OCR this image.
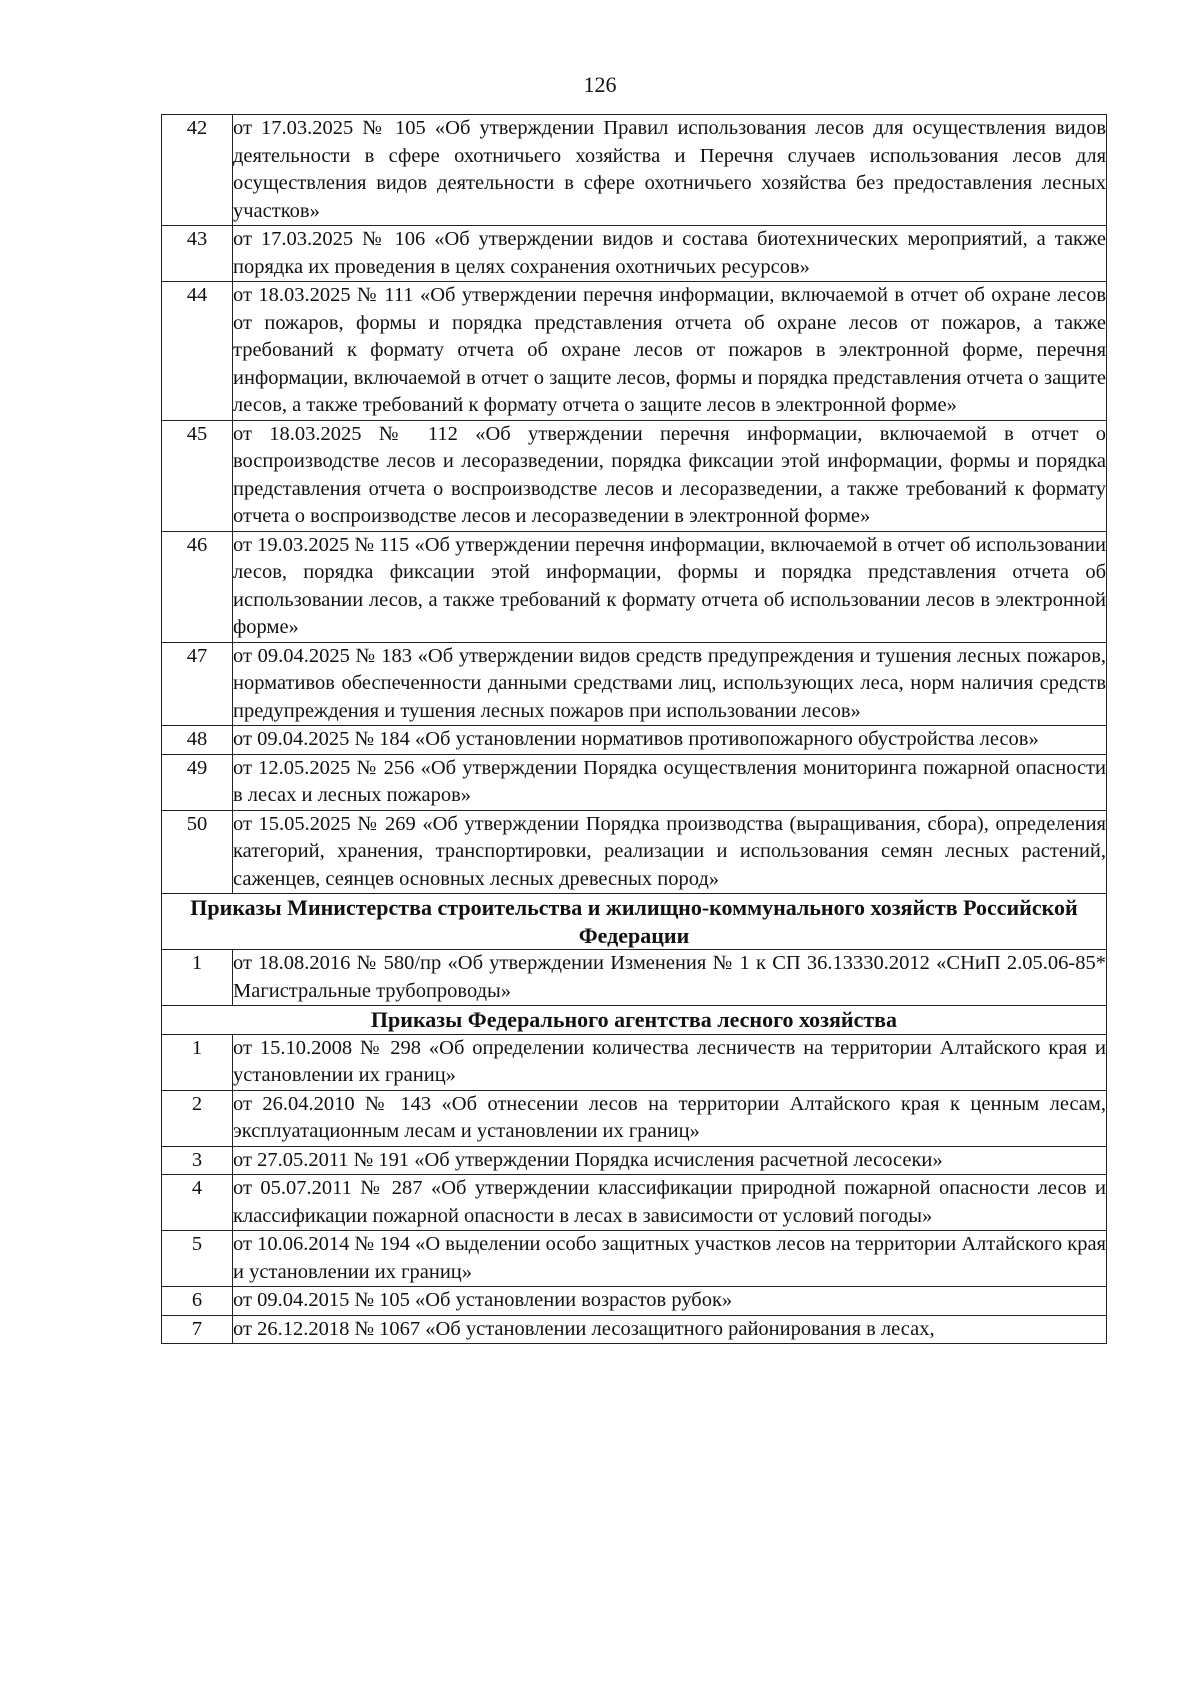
126
42	от 17.03.2025 № 105 «Об утверждении Правил использования лесов для осуществления видов деятельности в сфере охотничьего хозяйства и Перечня случаев использования лесов для осуществления видов деятельности в сфере охотничьего хозяйства без предоставления лесных участков»
43	от 17.03.2025 № 106 «Об утверждении видов и состава биотехнических мероприятий, а также порядка их проведения в целях сохранения охотничьих ресурсов»
44	от 18.03.2025 № 111 «Об утверждении перечня информации, включаемой в отчет об охране лесов от пожаров, формы и порядка представления отчета об охране лесов от пожаров, а также требований к формату отчета об охране лесов от пожаров в электронной форме, перечня информации, включаемой в отчет о защите лесов, формы и порядка представления отчета о защите лесов, а также требований к формату отчета о защите лесов в электронной форме»
45	от 18.03.2025 № 112 «Об утверждении перечня информации, включаемой в отчет о воспроизводстве лесов и лесоразведении, порядка фиксации этой информации, формы и порядка представления отчета о воспроизводстве лесов и лесоразведении, а также требований к формату отчета о воспроизводстве лесов и лесоразведении в электронной форме»
46	от 19.03.2025 № 115 «Об утверждении перечня информации, включаемой в отчет об использовании лесов, порядка фиксации этой информации, формы и порядка представления отчета об использовании лесов, а также требований к формату отчета об использовании лесов в электронной форме»
47	от 09.04.2025 № 183 «Об утверждении видов средств предупреждения и тушения лесных пожаров, нормативов обеспеченности данными средствами лиц, использующих леса, норм наличия средств предупреждения и тушения лесных пожаров при использовании лесов»
48	от 09.04.2025 № 184 «Об установлении нормативов противопожарного обустройства лесов»
49	от 12.05.2025 № 256 «Об утверждении Порядка осуществления мониторинга пожарной опасности в лесах и лесных пожаров»
50	от 15.05.2025 № 269 «Об утверждении Порядка производства (выращивания, сбора), определения категорий, хранения, транспортировки, реализации и использования семян лесных растений, саженцев, сеянцев основных лесных древесных пород»
Приказы Министерства строительства и жилищно-коммунального хозяйств Российской Федерации	
1	от 18.08.2016 № 580/пр «Об утверждении Изменения № 1 к СП 36.13330.2012 «СНиП 2.05.06-85* Магистральные трубопроводы»
Приказы Федерального агентства лесного хозяйства	
1	от 15.10.2008 № 298 «Об определении количества лесничеств на территории Алтайского края и установлении их границ»
2	от 26.04.2010 № 143 «Об отнесении лесов на территории Алтайского края к ценным лесам, эксплуатационным лесам и установлении их границ»
3	от 27.05.2011 № 191 «Об утверждении Порядка исчисления расчетной лесосеки»
4	от 05.07.2011 № 287 «Об утверждении классификации природной пожарной опасности лесов и классификации пожарной опасности в лесах в зависимости от условий погоды»
5	от 10.06.2014 № 194 «О выделении особо защитных участков лесов на территории Алтайского края и установлении их границ»
6	от 09.04.2015 № 105 «Об установлении возрастов рубок»
7	от 26.12.2018 № 1067 «Об установлении лесозащитного районирования в лесах,
